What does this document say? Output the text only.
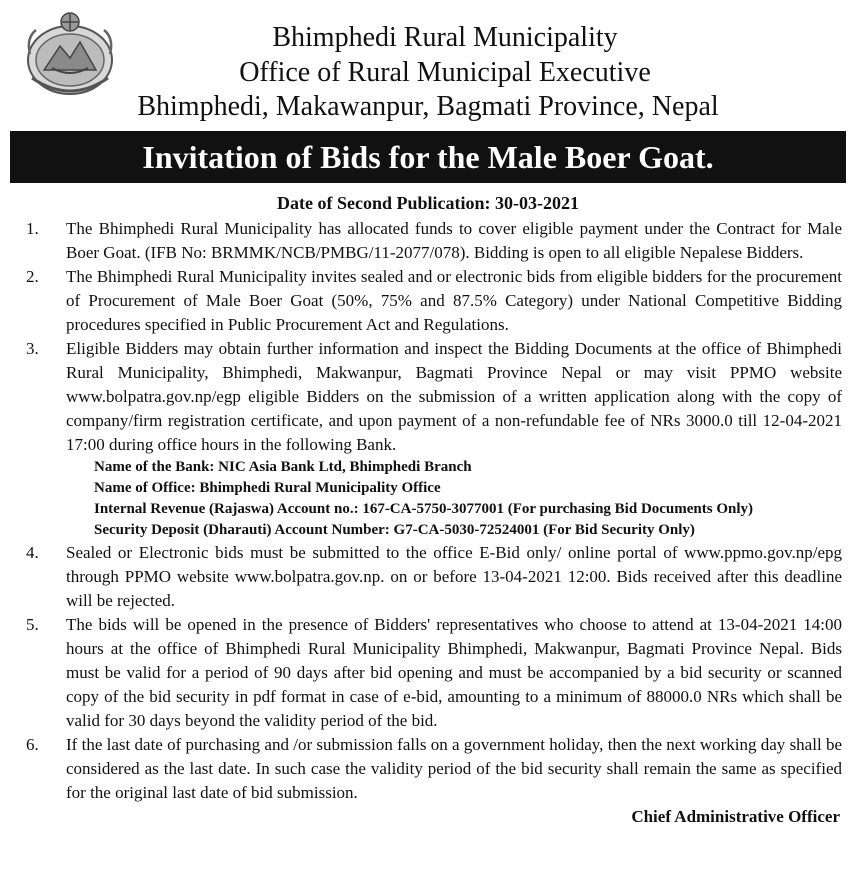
Bhimphedi Rural Municipality
Office of Rural Municipal Executive
Bhimphedi, Makawanpur, Bagmati Province, Nepal
Invitation of Bids for the Male Boer Goat.
Date of Second Publication: 30-03-2021
1.	The Bhimphedi Rural Municipality has allocated funds to cover eligible payment under the Contract for Male Boer Goat. (IFB No: BRMMK/NCB/PMBG/11-2077/078). Bidding is open to all eligible Nepalese Bidders.
2.	The Bhimphedi Rural Municipality invites sealed and or electronic bids from eligible bidders for the procurement of Procurement of Male Boer Goat (50%, 75% and 87.5% Category) under National Competitive Bidding procedures specified in Public Procurement Act and Regulations.
3.	Eligible Bidders may obtain further information and inspect the Bidding Documents at the office of Bhimphedi Rural Municipality, Bhimphedi, Makwanpur, Bagmati Province Nepal or may visit PPMO website www.bolpatra.gov.np/egp eligible Bidders on the submission of a written application along with the copy of company/firm registration certificate, and upon payment of a non-refundable fee of NRs 3000.0 till 12-04-2021 17:00 during office hours in the following Bank.
Name of the Bank: NIC Asia Bank Ltd, Bhimphedi Branch
Name of Office: Bhimphedi Rural Municipality Office
Internal Revenue (Rajaswa) Account no.: 167-CA-5750-3077001 (For purchasing Bid Documents Only)
Security Deposit (Dharauti) Account Number: G7-CA-5030-72524001 (For Bid Security Only)
4.	Sealed or Electronic bids must be submitted to the office E-Bid only/ online portal of www.ppmo.gov.np/epg through PPMO website www.bolpatra.gov.np. on or before 13-04-2021 12:00. Bids received after this deadline will be rejected.
5.	The bids will be opened in the presence of Bidders' representatives who choose to attend at 13-04-2021 14:00 hours at the office of Bhimphedi Rural Municipality Bhimphedi, Makwanpur, Bagmati Province Nepal. Bids must be valid for a period of 90 days after bid opening and must be accompanied by a bid security or scanned copy of the bid security in pdf format in case of e-bid, amounting to a minimum of 88000.0 NRs which shall be valid for 30 days beyond the validity period of the bid.
6.	If the last date of purchasing and /or submission falls on a government holiday, then the next working day shall be considered as the last date. In such case the validity period of the bid security shall remain the same as specified for the original last date of bid submission.
Chief Administrative Officer
